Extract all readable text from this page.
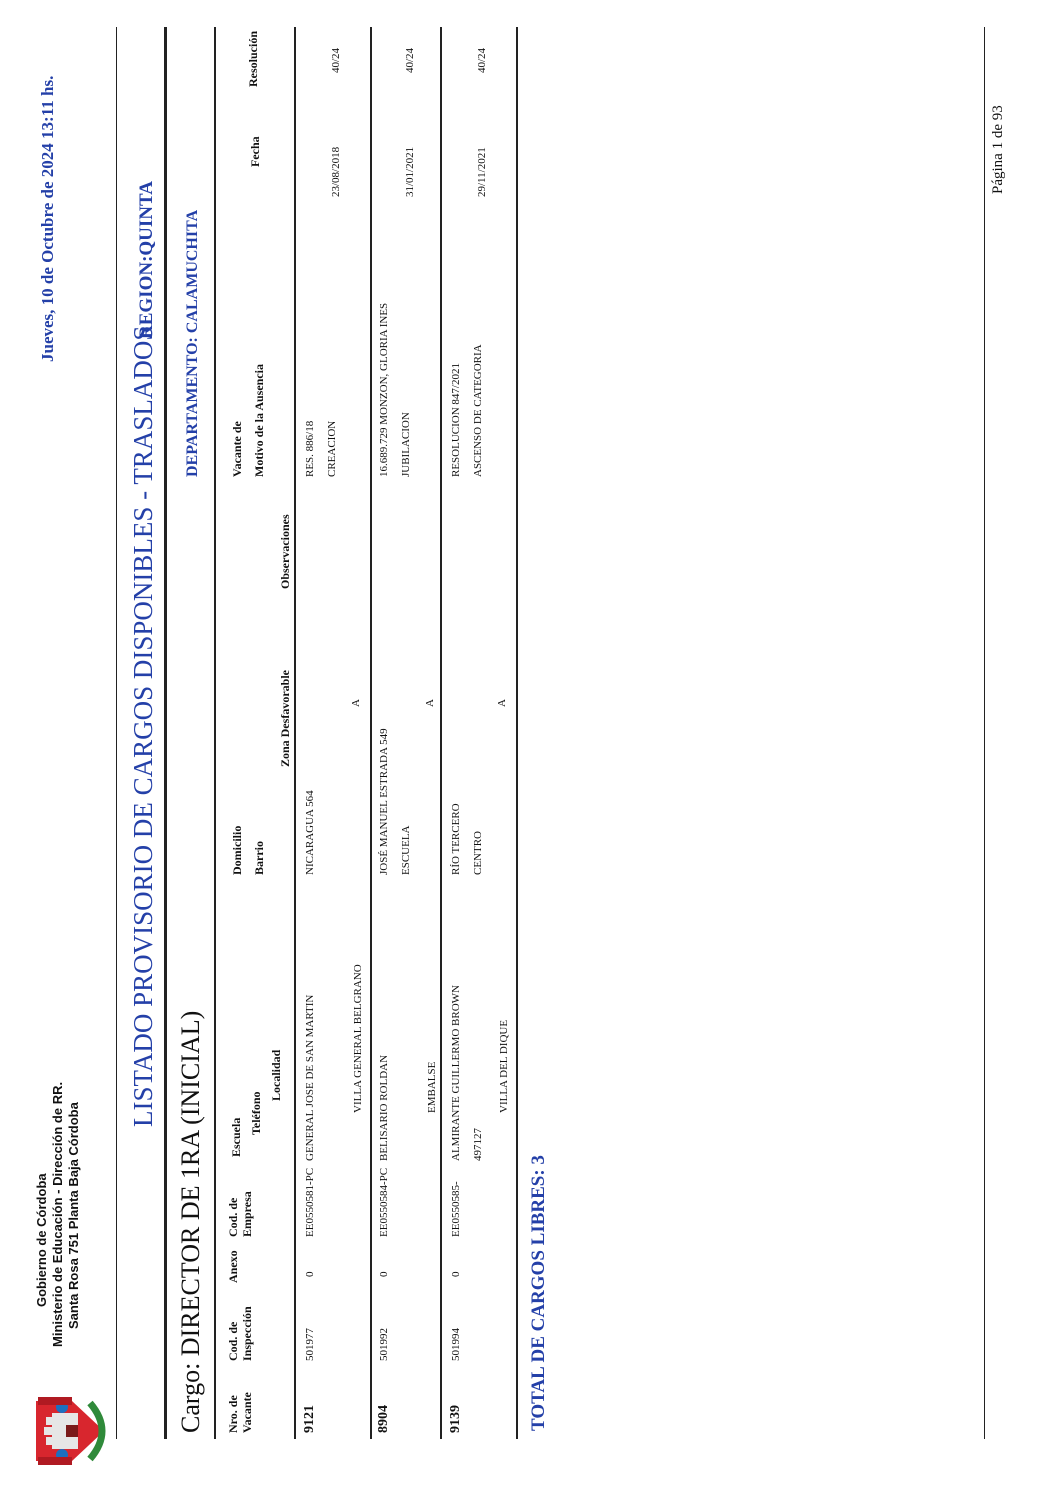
Gobierno de Córdoba Ministerio de Educación - Dirección de RR. Santa Rosa 751 Planta Baja Córdoba
Jueves, 10 de Octubre de 2024 13:11 hs.
LISTADO PROVISORIO DE CARGOS DISPONIBLES - TRASLADOS
REGION:QUINTA
Cargo: DIRECTOR DE 1RA (INICIAL)
DEPARTAMENTO: CALAMUCHITA
Nro. de Vacante
Cod. de Inspección
Anexo
Cod. de Empresa
Escuela
Teléfono
Localidad
Domicilio Barrio
Zona Desfavorable
Observaciones
Vacante de Motivo de la Ausencia
Fecha
Resolución
9121
501977
0
EE0550581-PC
GENERAL JOSE DE SAN MARTIN	VILLA GENERAL BELGRANO
NICARAGUA 564
A
RES. 886/18 CREACION
23/08/2018
40/24
8904
501992
0
EE0550584-PC
BELISARIO ROLDAN	EMBALSE
JOSÉ MANUEL ESTRADA 549 ESCUELA
A
16.689.729 MONZON, GLORIA INES JUBILACION
31/01/2021
40/24
9139
501994
0
EE0550585-
ALMIRANTE GUILLERMO BROWN 497127
VILLA DEL DIQUE
RÍO TERCERO CENTRO
A
RESOLUCION 847/2021 ASCENSO DE CATEGORIA
29/11/2021
40/24
TOTAL DE CARGOS LIBRES: 3
Página 1 de 93
